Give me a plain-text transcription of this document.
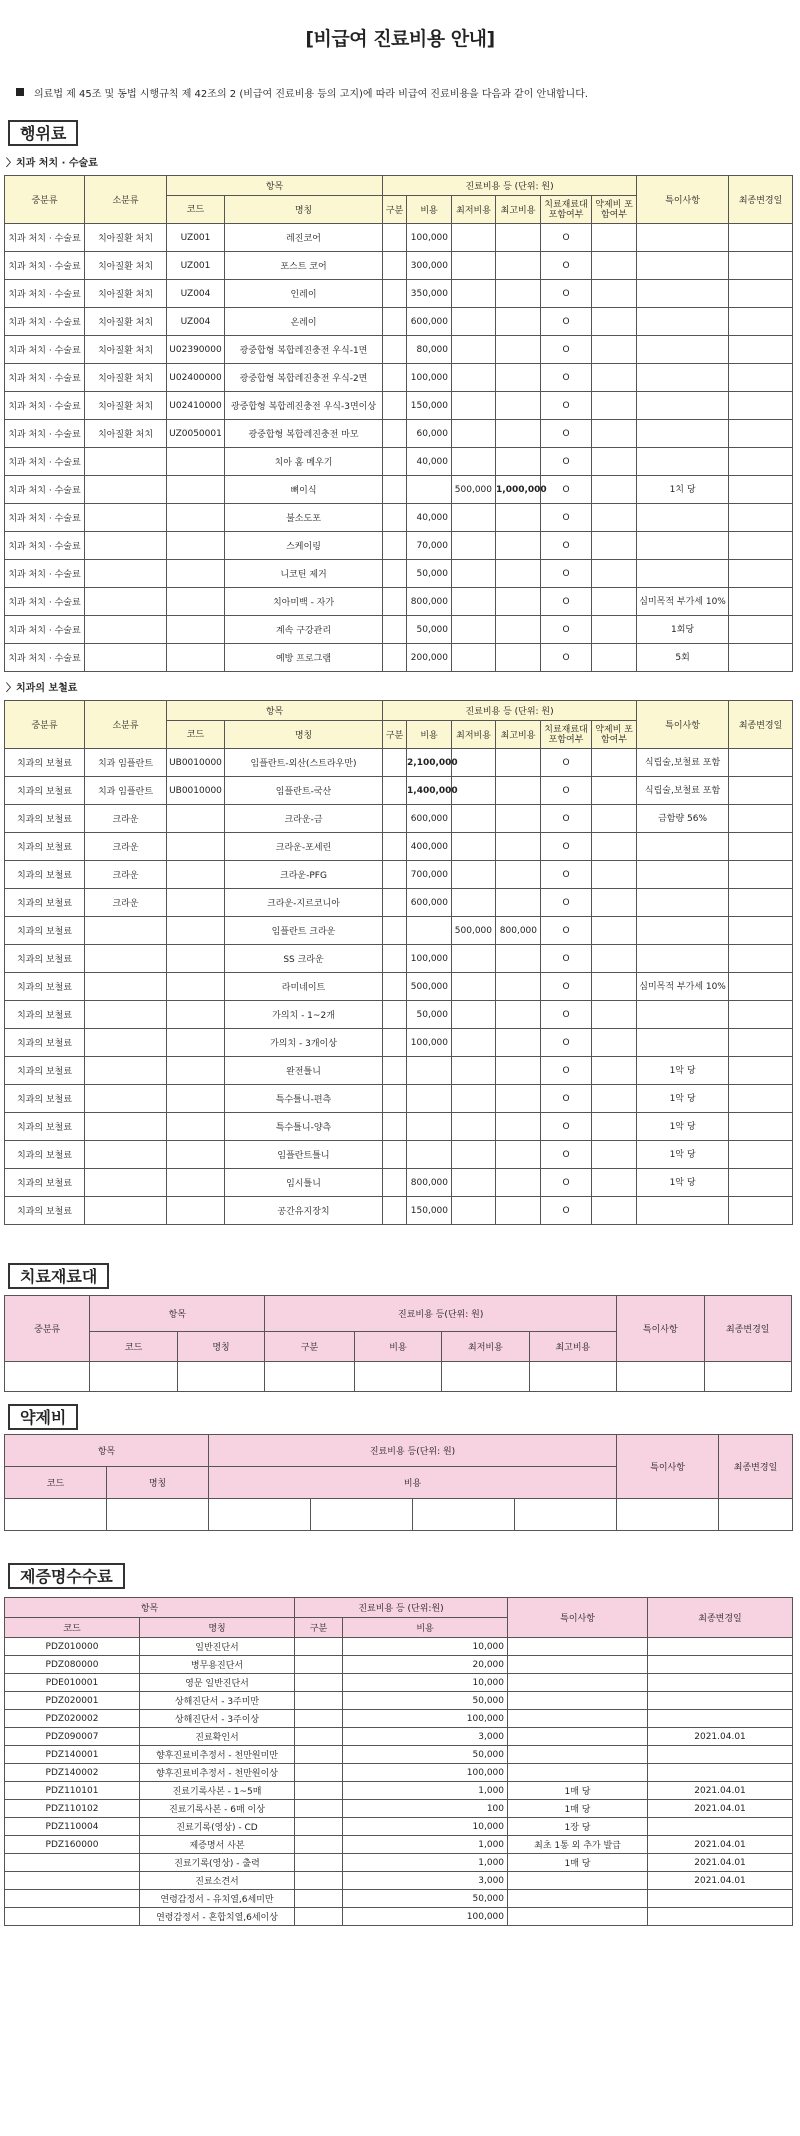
[비급여 진료비용 안내]
의료법 제 45조 및 동법 시행규칙 제 42조의 2 (비급여 진료비용 등의 고지)에 따라 비급여 진료비용을 다음과 같이 안내합니다.
행위료
〉치과 처치 · 수술료
중분류	소분류	항목		진료비용 등 (단위: 원)						특이사항	최종변경일
		코드	명칭	구분	비용	최저비용	최고비용	치료재료대 포함여부	약제비 포함여부		
치과 처치 · 수술료	치아질환 처치	UZ001	레진코어		100,000			O			
치과 처치 · 수술료	치아질환 처치	UZ001	포스트 코어		300,000			O			
치과 처치 · 수술료	치아질환 처치	UZ004	인레이		350,000			O			
치과 처치 · 수술료	치아질환 처치	UZ004	온레이		600,000			O			
치과 처치 · 수술료	치아질환 처치	U02390000	광중합형 복합레진충전 우식-1면		80,000			O			
치과 처치 · 수술료	치아질환 처치	U02400000	광중합형 복합레진충전 우식-2면		100,000			O			
치과 처치 · 수술료	치아질환 처치	U02410000	광중합형 복합레진충전 우식-3면이상		150,000			O			
치과 처치 · 수술료	치아질환 처치	UZ0050001	광중합형 복합레진충전 마모		60,000			O			
치과 처치 · 수술료			치아 홈 메우기		40,000			O			
치과 처치 · 수술료			뼈이식			500,000	1,000,000	O		1치 당	
치과 처치 · 수술료			불소도포		40,000			O			
치과 처치 · 수술료			스케이링		70,000			O			
치과 처치 · 수술료			니코틴 제거		50,000			O			
치과 처치 · 수술료			치아미백 - 자가		800,000			O		심미목적 부가세 10%	
치과 처치 · 수술료			계속 구강관리		50,000			O		1회당	
치과 처치 · 수술료			예방 프로그램		200,000			O		5회	
〉치과의 보철료
중분류	소분류	항목		진료비용 등 (단위: 원)						특이사항	최종변경일
		코드	명칭	구분	비용	최저비용	최고비용	치료재료대 포함여부	약제비 포함여부		
치과의 보철료	치과 임플란트	UB0010000	임플란트-외산(스트라우만)		2,100,000			O		식립술,보철료 포함	
치과의 보철료	치과 임플란트	UB0010000	임플란트-국산		1,400,000			O		식립술,보철료 포함	
치과의 보철료	크라운		크라운-금		600,000			O		금함량 56%	
치과의 보철료	크라운		크라운-포세린		400,000			O			
치과의 보철료	크라운		크라운-PFG		700,000			O			
치과의 보철료	크라운		크라운-지르코니아		600,000			O			
치과의 보철료			임플란트 크라운			500,000	800,000	O			
치과의 보철료			SS 크라운		100,000			O			
치과의 보철료			라미네이트		500,000			O		심미목적 부가세 10%	
치과의 보철료			가의치 - 1~2개		50,000			O			
치과의 보철료			가의치 - 3개이상		100,000			O			
치과의 보철료			완전틀니					O		1악 당	
치과의 보철료			특수틀니-편측					O		1악 당	
치과의 보철료			특수틀니-양측					O		1악 당	
치과의 보철료			임플란트틀니					O		1악 당	
치과의 보철료			임시틀니		800,000			O		1악 당	
치과의 보철료			공간유지장치		150,000			O			
치료재료대
중분류	항목		진료비용 등(단위: 원)				특이사항	최종변경일
	코드	명칭	구분	비용	최저비용	최고비용		

약제비
항목		진료비용 등(단위: 원)				특이사항	최종변경일
코드	명칭	비용					

제증명수수료
항목		진료비용 등 (단위:원)		특이사항	최종변경일
코드	명칭	구분	비용		
PDZ010000	일반진단서		10,000		
PDZ080000	병무용진단서		20,000		
PDE010001	영문 일반진단서		10,000		
PDZ020001	상해진단서 - 3주미만		50,000		
PDZ020002	상해진단서 - 3주이상		100,000		
PDZ090007	진료확인서		3,000		2021.04.01
PDZ140001	향후진료비추정서 - 천만원미만		50,000		
PDZ140002	향후진료비추정서 - 천만원이상		100,000		
PDZ110101	진료기록사본 - 1~5매		1,000	1매 당	2021.04.01
PDZ110102	진료기록사본 - 6매 이상		100	1매 당	2021.04.01
PDZ110004	진료기록(영상) - CD		10,000	1장 당	
PDZ160000	제증명서 사본		1,000	최초 1통 외 추가 발급	2021.04.01
	진료기록(영상) - 출력		1,000	1매 당	2021.04.01
	진료소견서		3,000		2021.04.01
	연령감정서 - 유치열,6세미만		50,000		
	연령감정서 - 혼합치열,6세이상		100,000		
